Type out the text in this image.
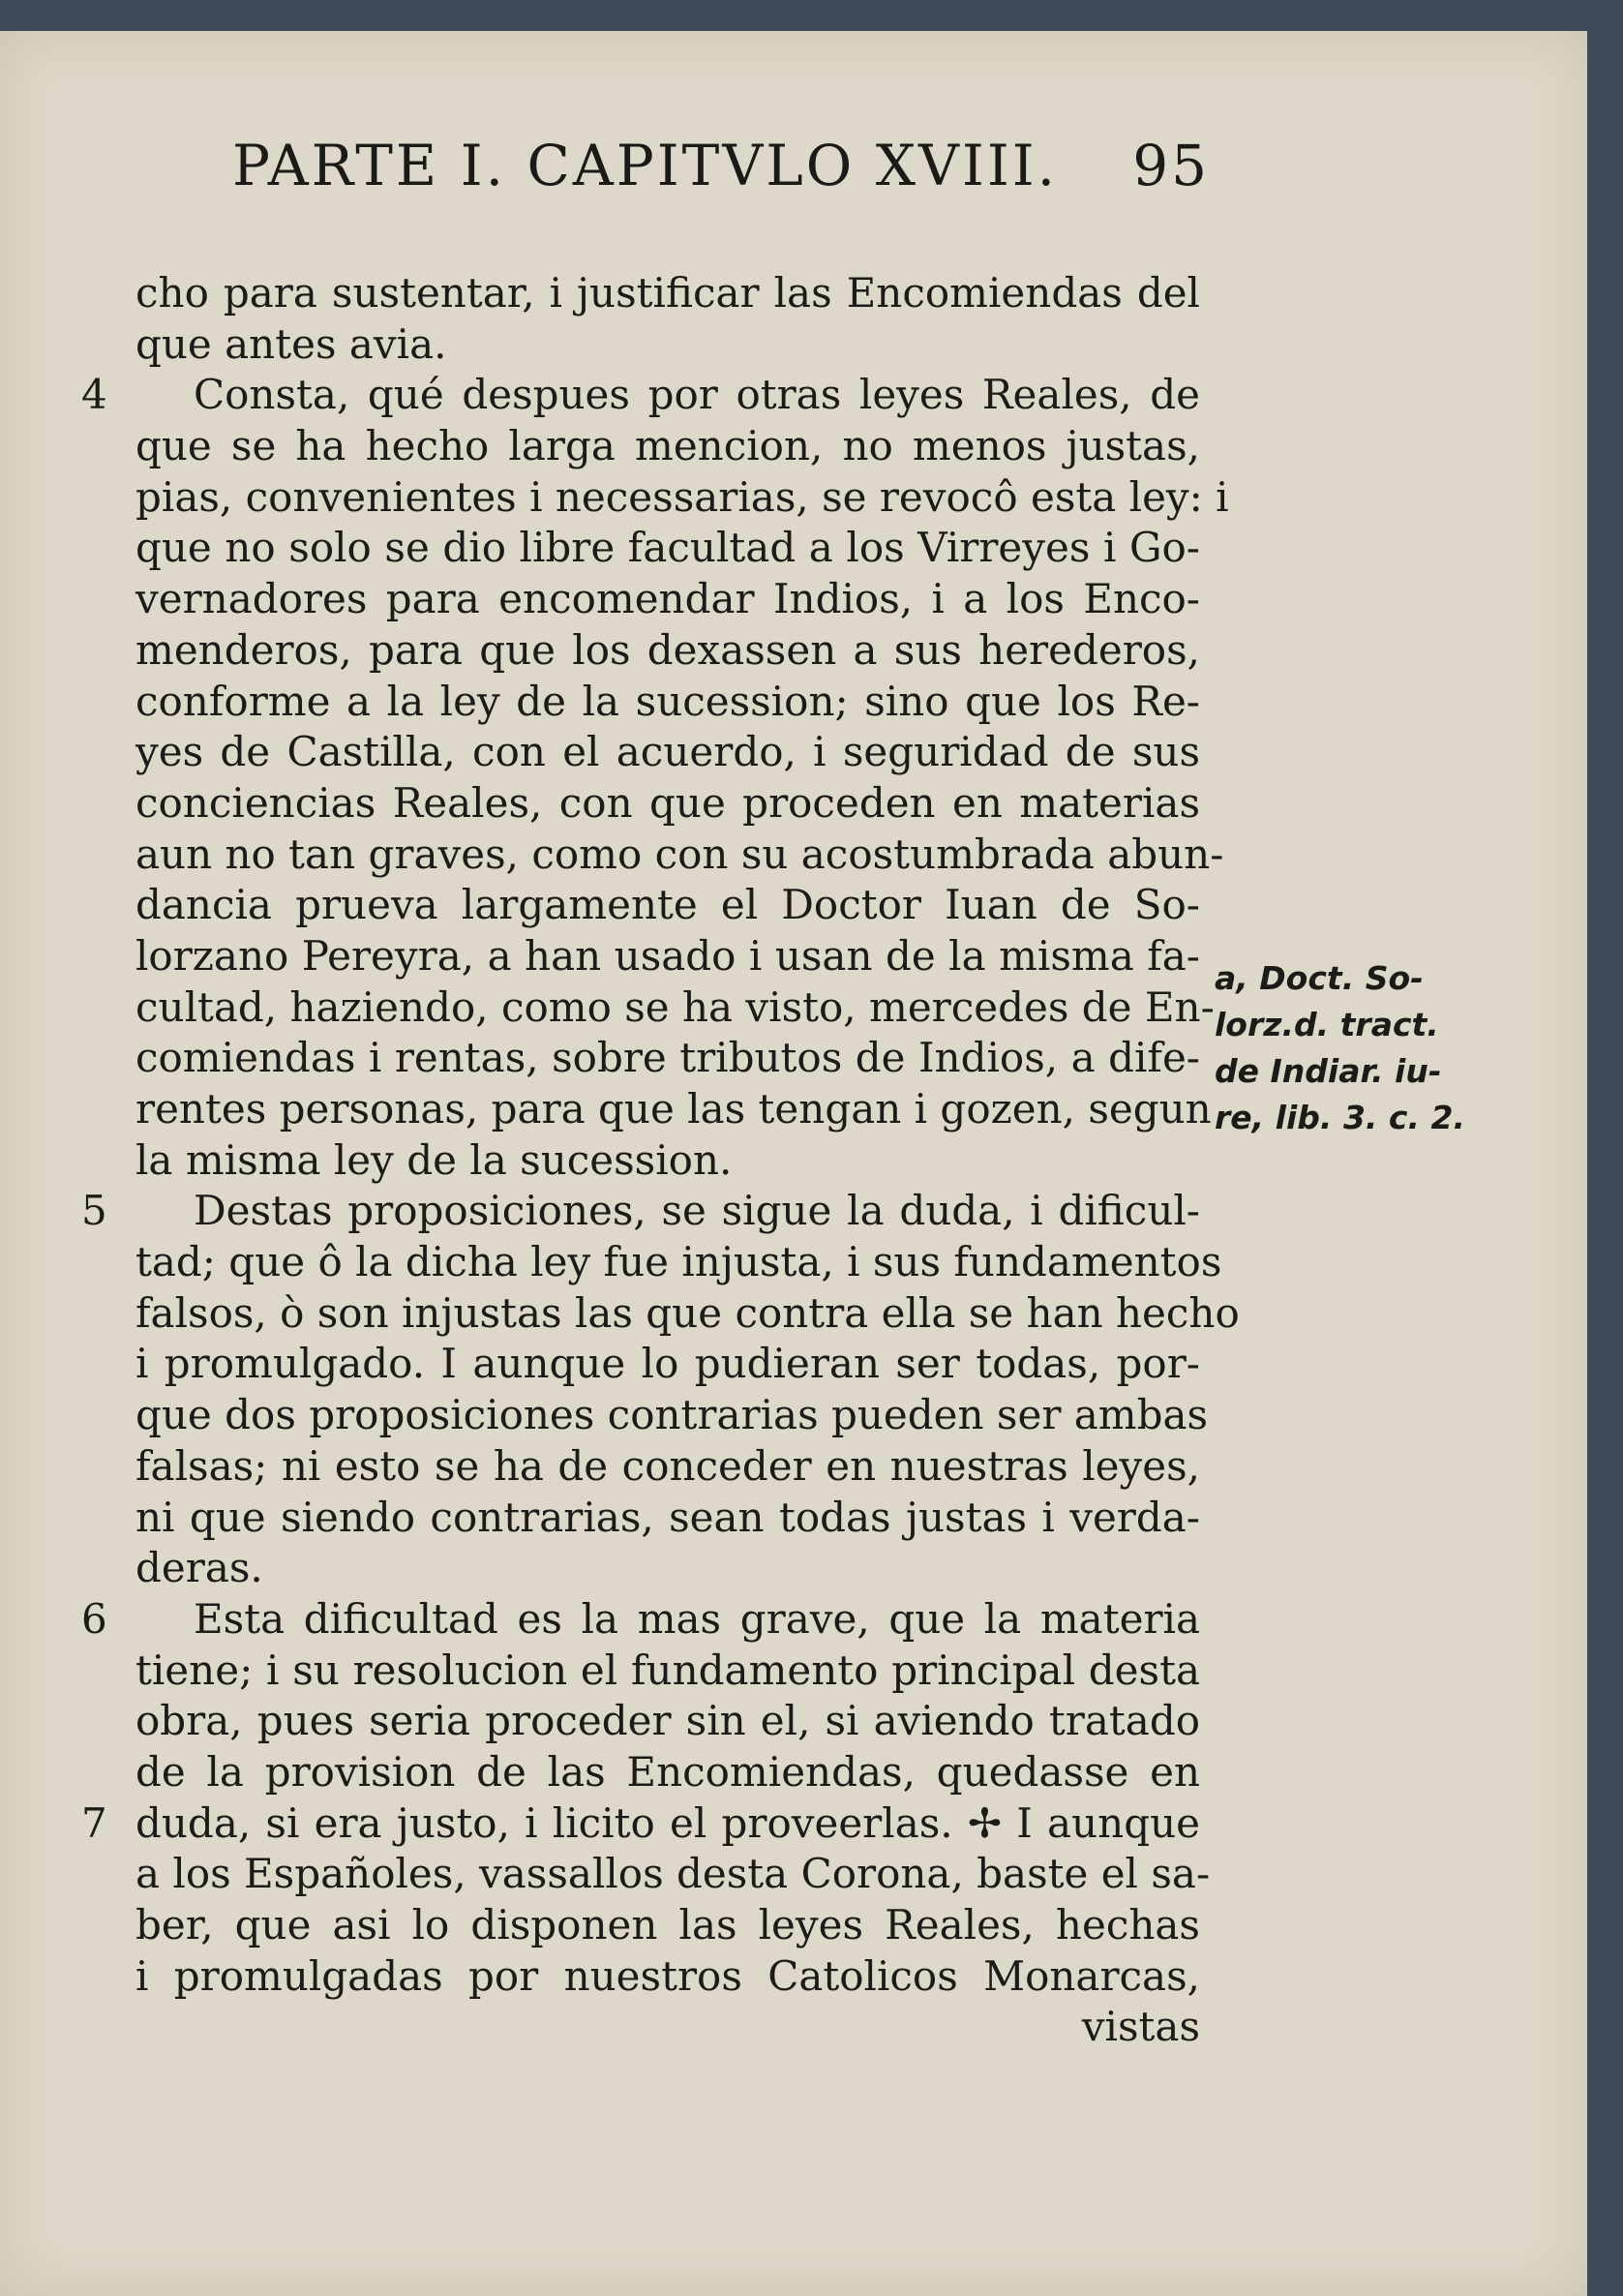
PARTE I. CAPITVLO XVIII. 95
cho para sustentar, i justificar las Encomiendas del
que antes avia.
4	Consta, qué despues por otras leyes Reales, de
que se ha hecho larga mencion, no menos justas,
pias, convenientes i necessarias, se revocô esta ley: i
que no solo se dio libre facultad a los Virreyes i Go-
vernadores para encomendar Indios, i a los Enco-
menderos, para que los dexassen a sus herederos,
conforme a la ley de la sucession; sino que los Re-
yes de Castilla, con el acuerdo, i seguridad de sus
conciencias Reales, con que proceden en materias
aun no tan graves, como con su acostumbrada abun-
dancia prueva largamente el Doctor Iuan de So-
lorzano Pereyra, a han usado i usan de la misma fa-
cultad, haziendo, como se ha visto, mercedes de En-
comiendas i rentas, sobre tributos de Indios, a dife-
rentes personas, para que las tengan i gozen, segun
la misma ley de la sucession.
5	Destas proposiciones, se sigue la duda, i dificul-
tad; que ô la dicha ley fue injusta, i sus fundamentos
falsos, ò son injustas las que contra ella se han hecho
i promulgado. I aunque lo pudieran ser todas, por-
que dos proposiciones contrarias pueden ser ambas
falsas; ni esto se ha de conceder en nuestras leyes,
ni que siendo contrarias, sean todas justas i verda-
deras.
6	Esta dificultad es la mas grave, que la materia
tiene; i su resolucion el fundamento principal desta
obra, pues seria proceder sin el, si aviendo tratado
de la provision de las Encomiendas, quedasse en
7 duda, si era justo, i licito el proveerlas. ✢ I aunque
a los Españoles, vassallos desta Corona, baste el sa-
ber, que asi lo disponen las leyes Reales, hechas
i promulgadas por nuestros Catolicos Monarcas,
vistas
a, Doct. So-
lorz.d. tract.
de Indiar. iu-
re, lib. 3. c. 2.
